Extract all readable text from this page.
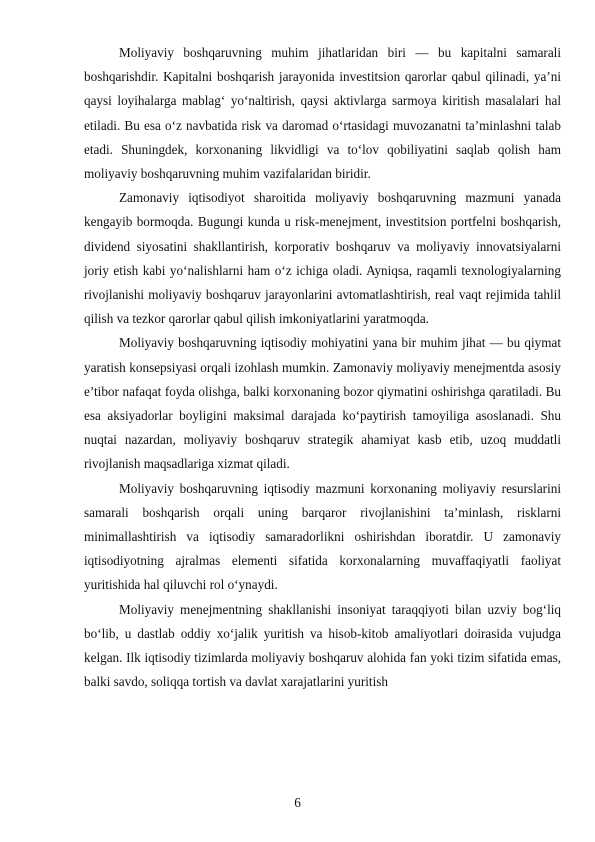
Moliyaviy boshqaruvning muhim jihatlaridan biri — bu kapitalni samarali boshqarishdir. Kapitalni boshqarish jarayonida investitsion qarorlar qabul qilinadi, ya’ni qaysi loyihalarga mablag‘ yo‘naltirish, qaysi aktivlarga sarmoya kiritish masalalari hal etiladi. Bu esa o‘z navbatida risk va daromad o‘rtasidagi muvozanatni ta’minlashni talab etadi. Shuningdek, korxonaning likvidligi va to‘lov qobiliyatini saqlab qolish ham moliyaviy boshqaruvning muhim vazifalaridan biridir.

Zamonaviy iqtisodiyot sharoitida moliyaviy boshqaruvning mazmuni yanada kengayib bormoqda. Bugungi kunda u risk-menejment, investitsion portfelni boshqarish, dividend siyosatini shakllantirish, korporativ boshqaruv va moliyaviy innovatsiyalarni joriy etish kabi yo‘nalishlarni ham o‘z ichiga oladi. Ayniqsa, raqamli texnologiyalarning rivojlanishi moliyaviy boshqaruv jarayonlarini avtomatlashtirish, real vaqt rejimida tahlil qilish va tezkor qarorlar qabul qilish imkoniyatlarini yaratmoqda.

Moliyaviy boshqaruvning iqtisodiy mohiyatini yana bir muhim jihat — bu qiymat yaratish konsepsiyasi orqali izohlash mumkin. Zamonaviy moliyaviy menejmentda asosiy e’tibor nafaqat foyda olishga, balki korxonaning bozor qiymatini oshirishga qaratiladi. Bu esa aksiyadorlar boyligini maksimal darajada ko‘paytirish tamoyiliga asoslanadi. Shu nuqtai nazardan, moliyaviy boshqaruv strategik ahamiyat kasb etib, uzoq muddatli rivojlanish maqsadlariga xizmat qiladi.

Moliyaviy boshqaruvning iqtisodiy mazmuni korxonaning moliyaviy resurslarini samarali boshqarish orqali uning barqaror rivojlanishini ta’minlash, risklarni minimallashtirish va iqtisodiy samaradorlikni oshirishdan iboratdir. U zamonaviy iqtisodiyotning ajralmas elementi sifatida korxonalarning muvaffaqiyatli faoliyat yuritishida hal qiluvchi rol o‘ynaydi.

Moliyaviy menejmentning shakllanishi insoniyat taraqqiyoti bilan uzviy bog‘liq bo‘lib, u dastlab oddiy xo‘jalik yuritish va hisob-kitob amaliyotlari doirasida vujudga kelgan. Ilk iqtisodiy tizimlarda moliyaviy boshqaruv alohida fan yoki tizim sifatida emas, balki savdo, soliqqa tortish va davlat xarajatlarini yuritish

6
